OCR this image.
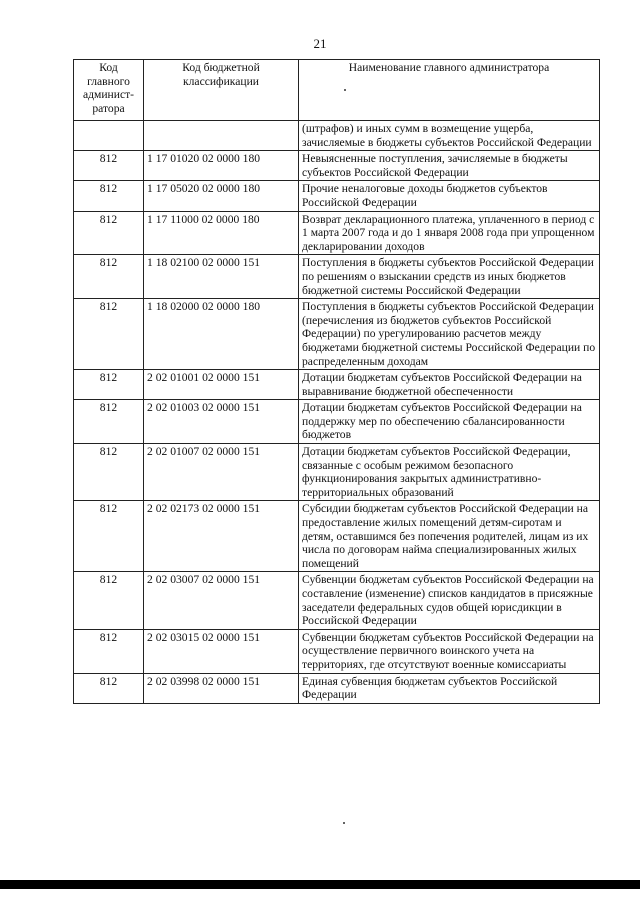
21
Код главного админист-ратора	Код бюджетной классификации	Наименование главного администратора
		(штрафов) и иных сумм в возмещение ущерба, зачисляемые в бюджеты субъектов Российской Федерации
812	1 17 01020 02 0000 180	Невыясненные поступления, зачисляемые в бюджеты субъектов Российской Федерации
812	1 17 05020 02 0000 180	Прочие неналоговые доходы бюджетов субъектов Российской Федерации
812	1 17 11000 02 0000 180	Возврат декларационного платежа, уплаченного в период с 1 марта 2007 года и до 1 января 2008 года при упрощенном декларировании доходов
812	1 18 02100 02 0000 151	Поступления в бюджеты субъектов Российской Федерации по решениям о взыскании средств из иных бюджетов бюджетной системы Российской Федерации
812	1 18 02000 02 0000 180	Поступления в бюджеты субъектов Российской Федерации (перечисления из бюджетов субъектов Российской Федерации) по урегулированию расчетов между бюджетами бюджетной системы Российской Федерации по распределенным доходам
812	2 02 01001 02 0000 151	Дотации бюджетам субъектов Российской Федерации на выравнивание бюджетной обеспеченности
812	2 02 01003 02 0000 151	Дотации бюджетам субъектов Российской Федерации на поддержку мер по обеспечению сбалансированности бюджетов
812	2 02 01007 02 0000 151	Дотации бюджетам субъектов Российской Федерации, связанные с особым режимом безопасного функционирования закрытых административно-территориальных образований
812	2 02 02173 02 0000 151	Субсидии бюджетам субъектов Российской Федерации на предоставление жилых помещений детям-сиротам и детям, оставшимся без попечения родителей, лицам из их числа по договорам найма специализированных жилых помещений
812	2 02 03007 02 0000 151	Субвенции бюджетам субъектов Российской Федерации на составление (изменение) списков кандидатов в присяжные заседатели федеральных судов общей юрисдикции в Российской Федерации
812	2 02 03015 02 0000 151	Субвенции бюджетам субъектов Российской Федерации на осуществление первичного воинского учета на территориях, где отсутствуют военные комиссариаты
812	2 02 03998 02 0000 151	Единая субвенция бюджетам субъектов Российской Федерации
